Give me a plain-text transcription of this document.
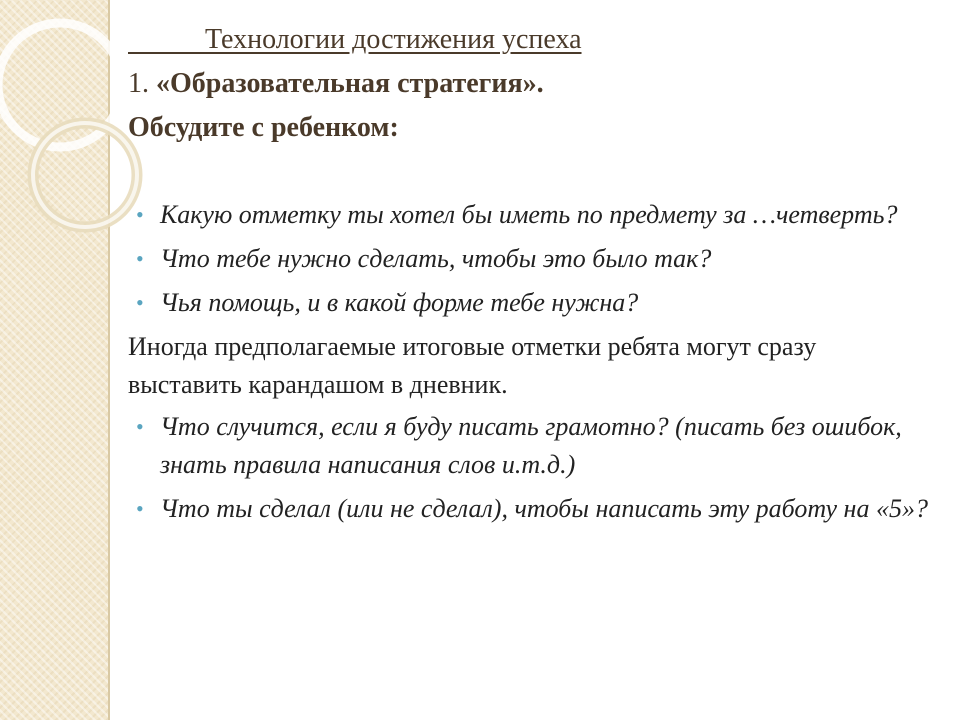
Технологии достижения успеха
1. «Образовательная стратегия».
Обсудите с ребенком:
• Какую отметку ты хотел бы иметь по предмету за …четверть?
• Что тебе нужно сделать, чтобы это было так?
• Чья помощь, и в какой форме тебе нужна?

Иногда предполагаемые итоговые отметки ребята могут сразу выставить карандашом в дневник.

• Что случится, если я буду писать грамотно? (писать без ошибок, знать правила написания слов и.т.д.)
• Что ты сделал (или не сделал), чтобы написать эту работу на «5»?
